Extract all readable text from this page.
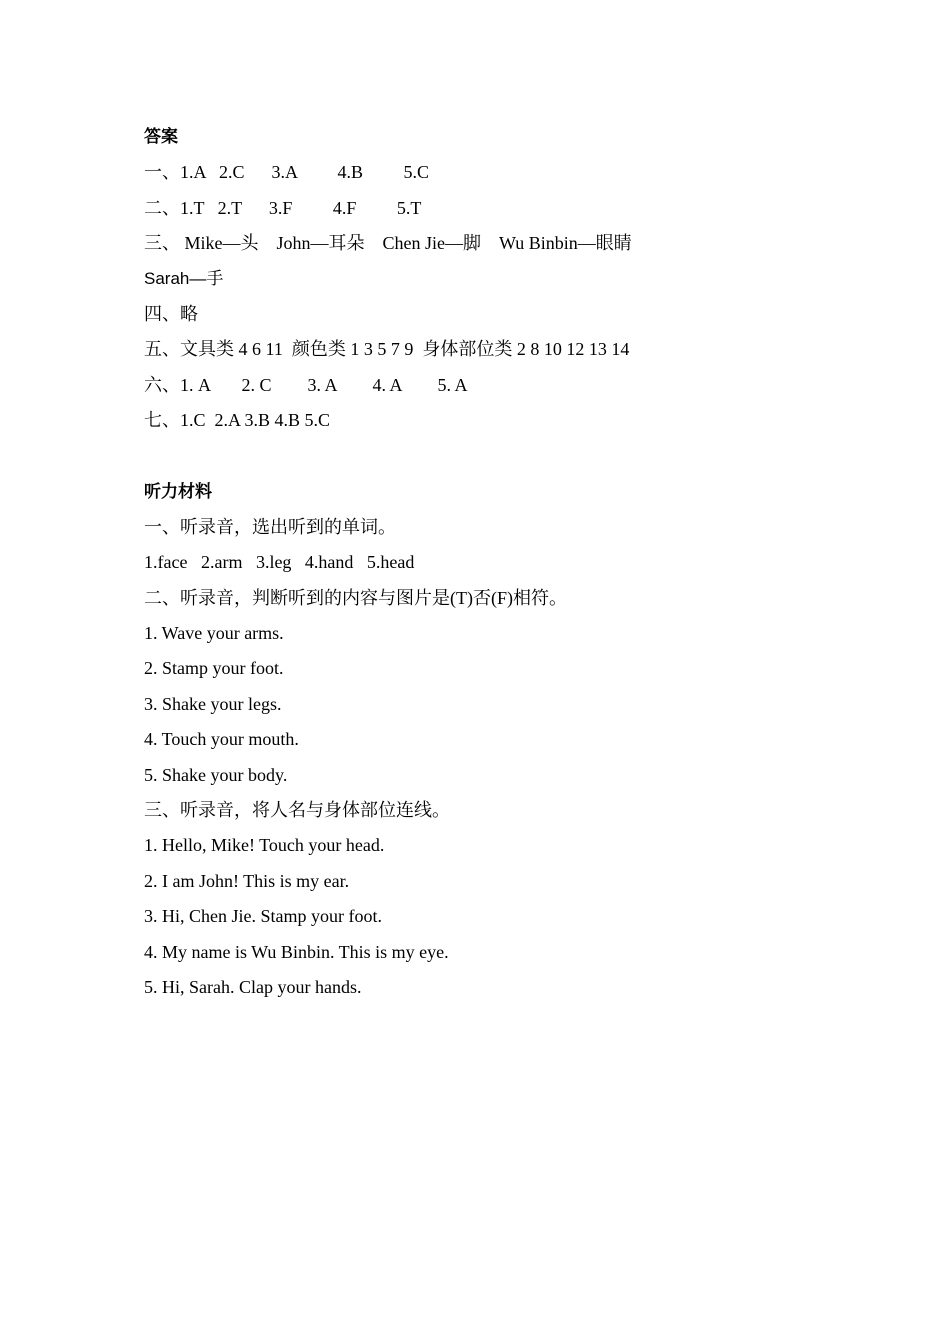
答案
一、1.A   2.C      3.A         4.B         5.C
二、1.T   2.T      3.F         4.F         5.T
三、 Mike—头    John—耳朵    Chen Jie—脚    Wu Binbin—眼睛
Sarah—手
四、略
五、文具类 4 6 11  颜色类 1 3 5 7 9  身体部位类 2 8 10 12 13 14
六、1. A       2. C        3. A        4. A        5. A
七、1.C  2.A 3.B 4.B 5.C
听力材料
一、听录音，选出听到的单词。
1.face   2.arm   3.leg   4.hand   5.head
二、听录音，判断听到的内容与图片是(T)否(F)相符。
1. Wave your arms.
2. Stamp your foot.
3. Shake your legs.
4. Touch your mouth.
5. Shake your body.
三、听录音，将人名与身体部位连线。
1. Hello, Mike! Touch your head.
2. I am John! This is my ear.
3. Hi, Chen Jie. Stamp your foot.
4. My name is Wu Binbin. This is my eye.
5. Hi, Sarah. Clap your hands.
